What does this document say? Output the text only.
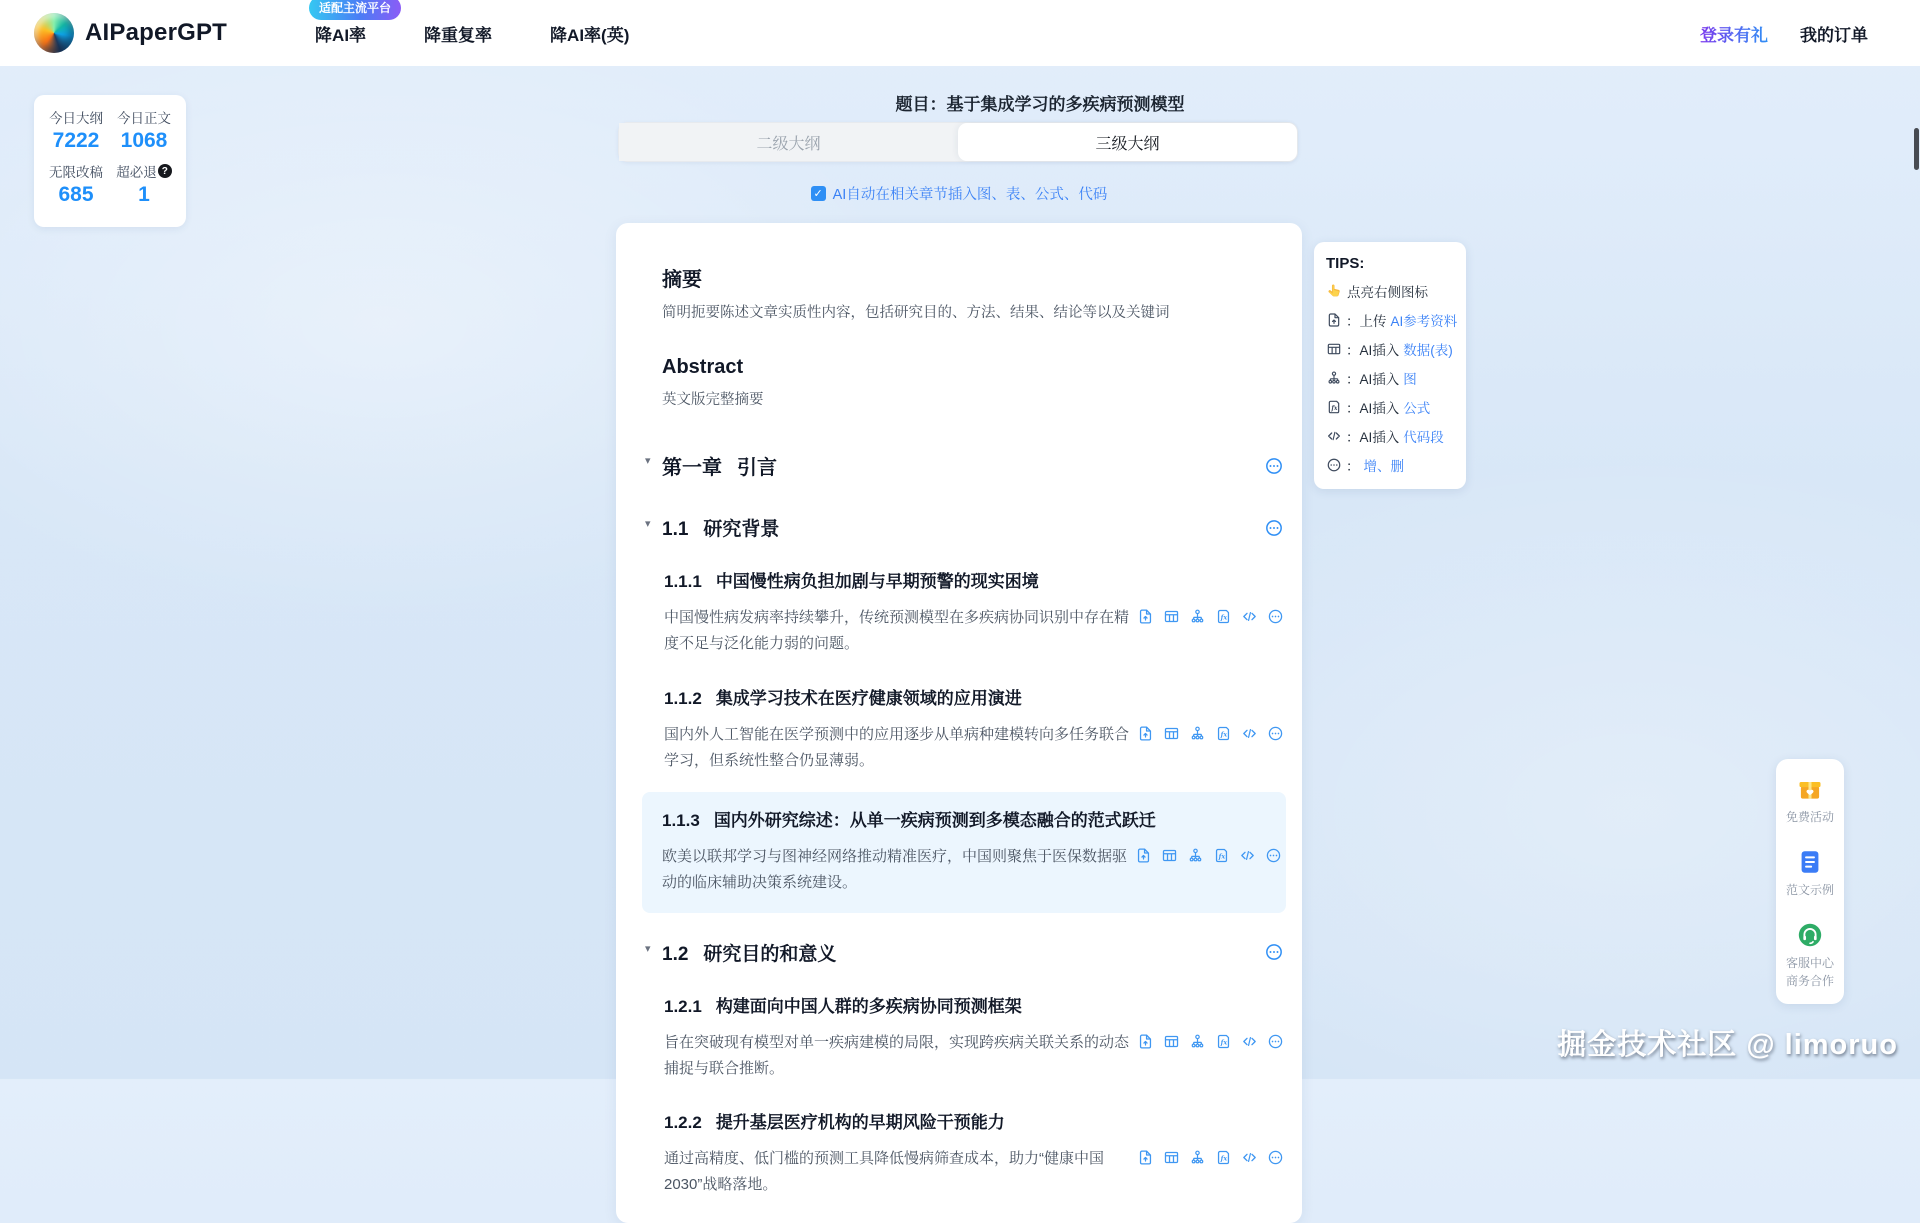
AIPaperGPT
适配主流平台
降AI率	降重复率	降AI率(英)	登录有礼 我的订单
今日大纲	今日正文
7222	1068
无限改稿 超必退 ?
685	1
题目：基于集成学习的多疾病预测模型
二级大纲	三级大纲
✓ AI自动在相关章节插入图、表、公式、代码
摘要

简明扼要陈述文章实质性内容，包括研究目的、方法、结果、结论等以及关键词

Abstract

英文版完整摘要

▾ 第一章 引言
▾ 1.1 研究背景
1.1.1 中国慢性病负担加剧与早期预警的现实困境

中国慢性病发病率持续攀升，传统预测模型在多疾病协同识别中存在精度不足与泛化能力弱的问题。

1.1.2 集成学习技术在医疗健康领域的应用演进

国内外人工智能在医学预测中的应用逐步从单病种建模转向多任务联合学习，但系统性整合仍显薄弱。

1.1.3 国内外研究综述：从单一疾病预测到多模态融合的范式跃迁

欧美以联邦学习与图神经网络推动精准医疗，中国则聚焦于医保数据驱动的临床辅助决策系统建设。

▾ 1.2 研究目的和意义
1.2.1 构建面向中国人群的多疾病协同预测框架

旨在突破现有模型对单一疾病建模的局限，实现跨疾病关联关系的动态捕捉与联合推断。

1.2.2 提升基层医疗机构的早期风险干预能力

通过高精度、低门槛的预测工具降低慢病筛查成本，助力“健康中国2030”战略落地。

TIPS:
点亮右侧图标
：上传 AI参考资料
：AI插入 数据(表)
：AI插入 图
：AI插入 公式
：AI插入 代码段
： 增、删
免费活动
范文示例
客服中心
商务合作
掘金技术社区 @ limoruo
